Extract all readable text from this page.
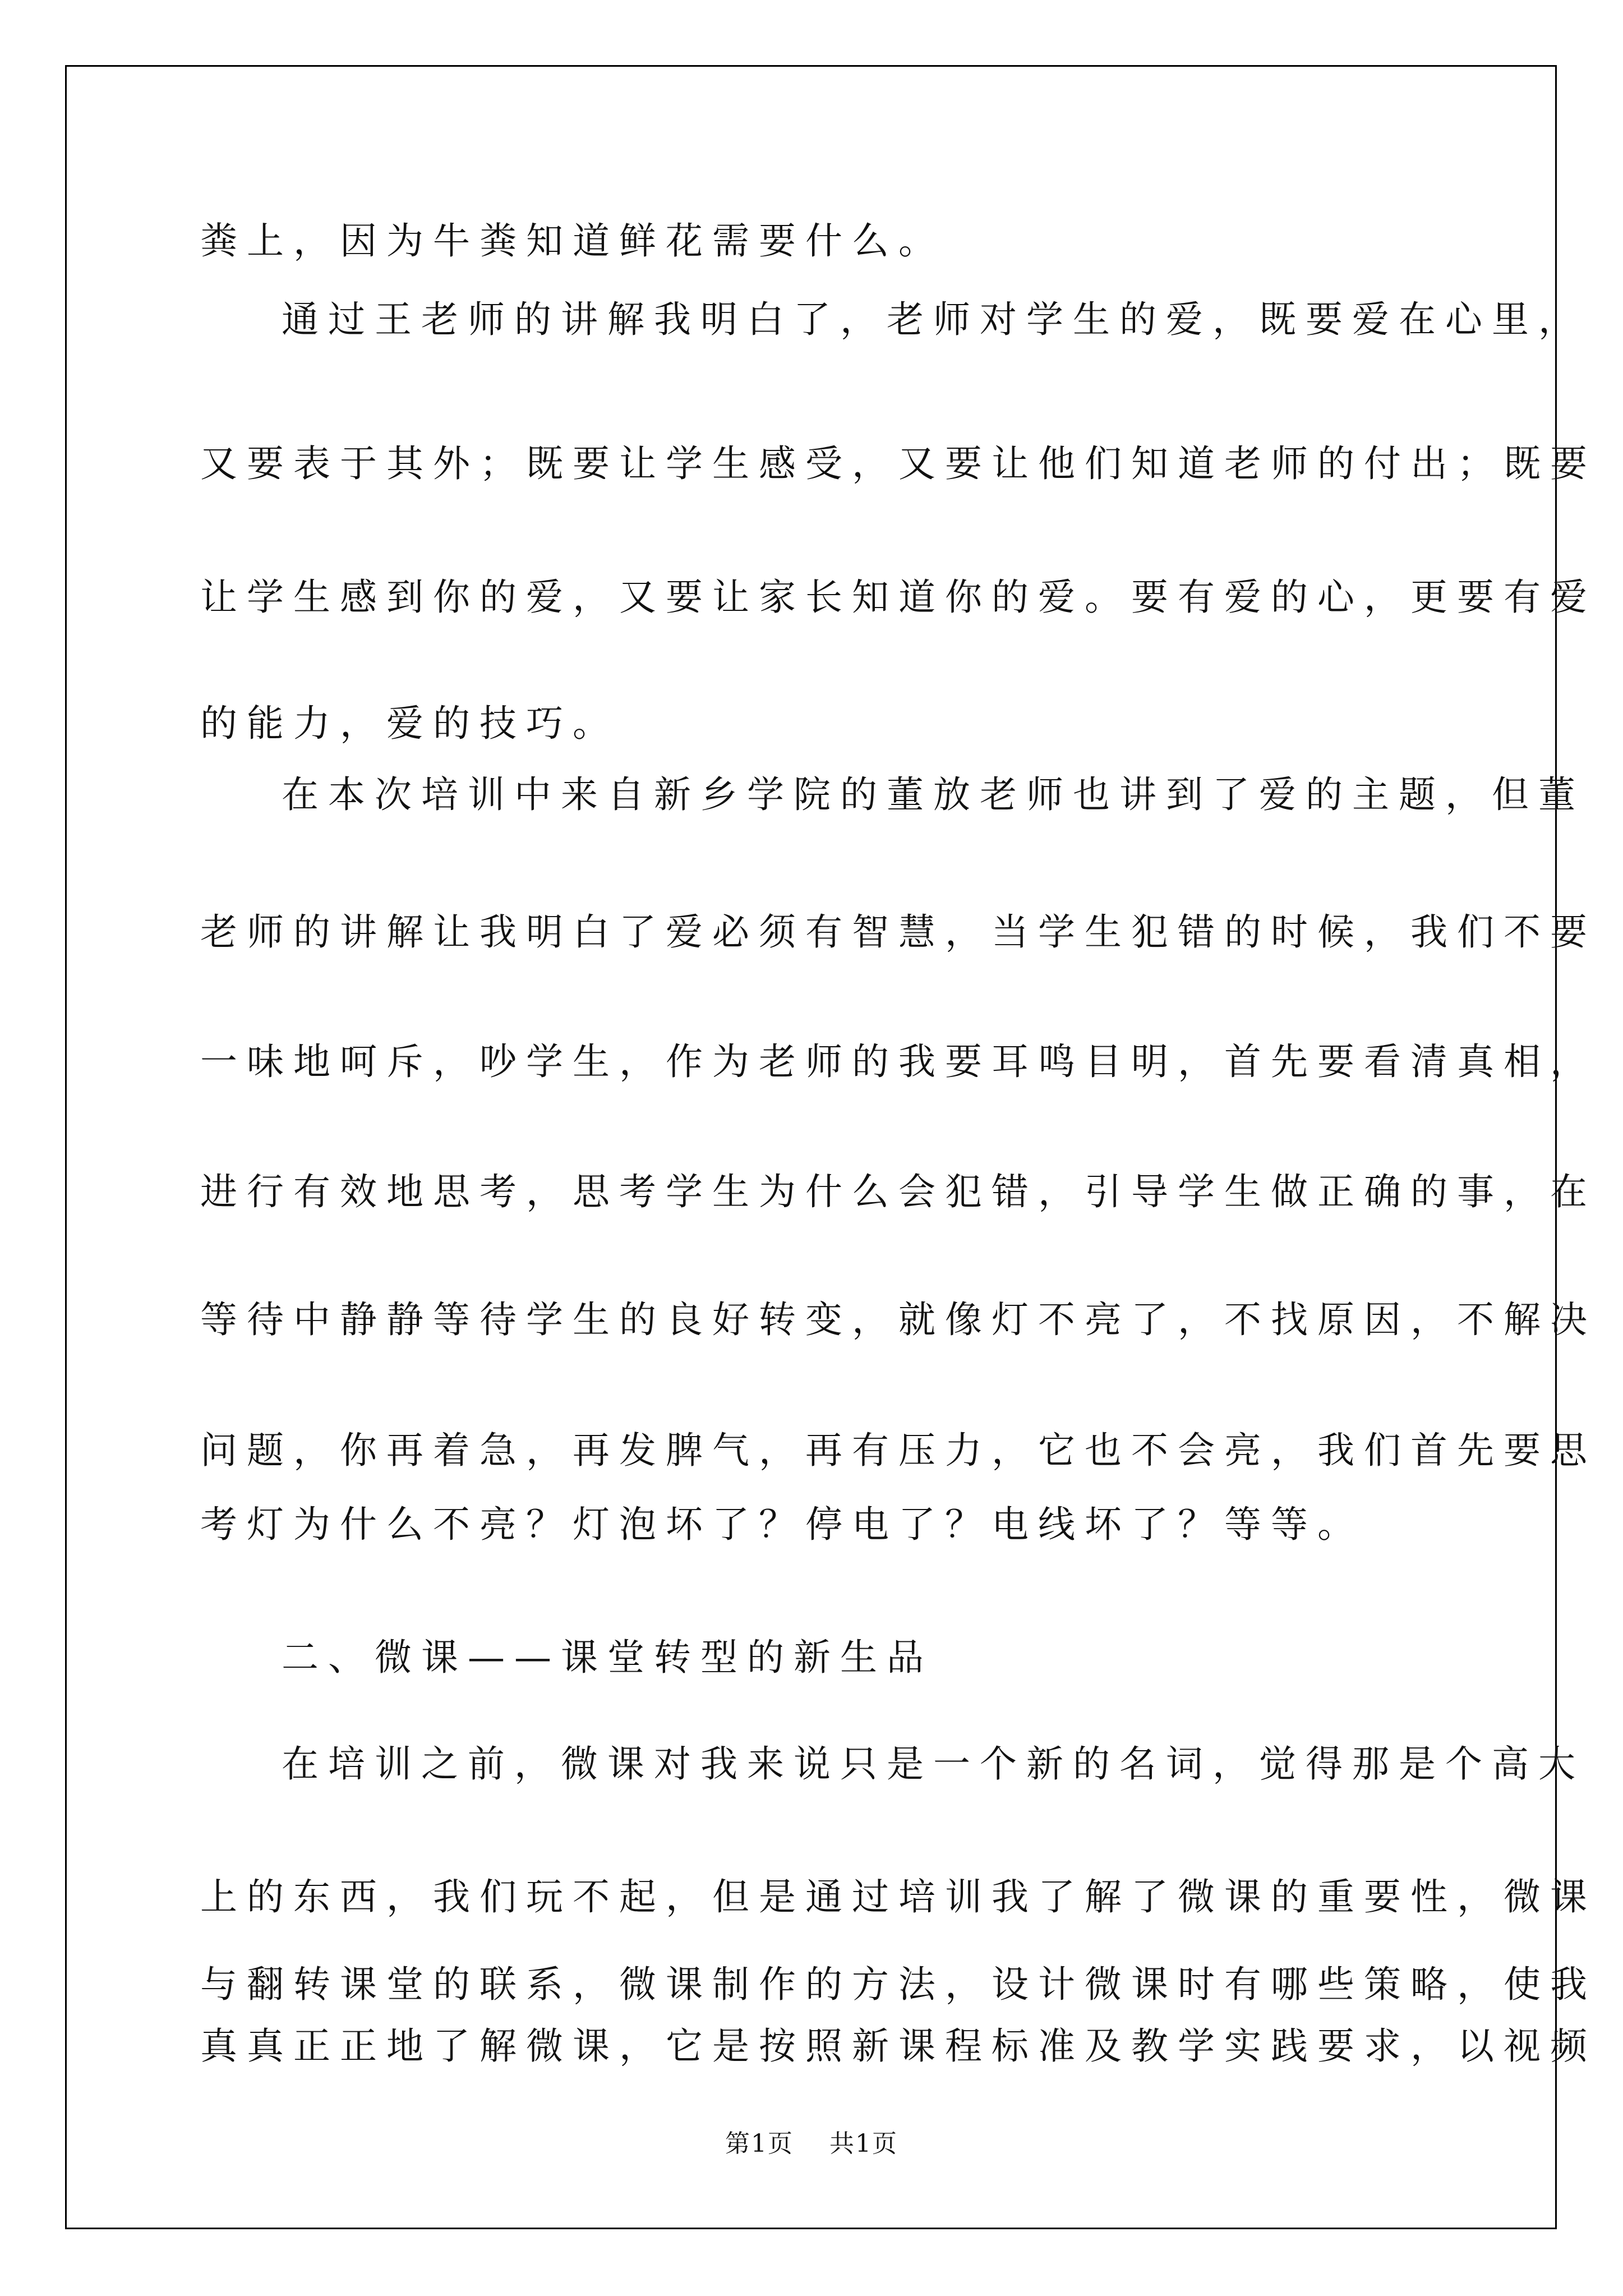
粪上，因为牛粪知道鲜花需要什么。
通过王老师的讲解我明白了，老师对学生的爱，既要爱在心里，
又要表于其外；既要让学生感受，又要让他们知道老师的付出；既要
让学生感到你的爱，又要让家长知道你的爱。要有爱的心，更要有爱
的能力，爱的技巧。
在本次培训中来自新乡学院的董放老师也讲到了爱的主题，但董
老师的讲解让我明白了爱必须有智慧，当学生犯错的时候，我们不要
一味地呵斥，吵学生，作为老师的我要耳鸣目明，首先要看清真相，
进行有效地思考，思考学生为什么会犯错，引导学生做正确的事，在
等待中静静等待学生的良好转变，就像灯不亮了，不找原因，不解决
问题，你再着急，再发脾气，再有压力，它也不会亮，我们首先要思
考灯为什么不亮？灯泡坏了？停电了？电线坏了？等等。
二、微课——课堂转型的新生品
在培训之前，微课对我来说只是一个新的名词，觉得那是个高大
上的东西，我们玩不起，但是通过培训我了解了微课的重要性，微课
与翻转课堂的联系，微课制作的方法，设计微课时有哪些策略，使我
真真正正地了解微课，它是按照新课程标准及教学实践要求，以视频
第1页 共1页
